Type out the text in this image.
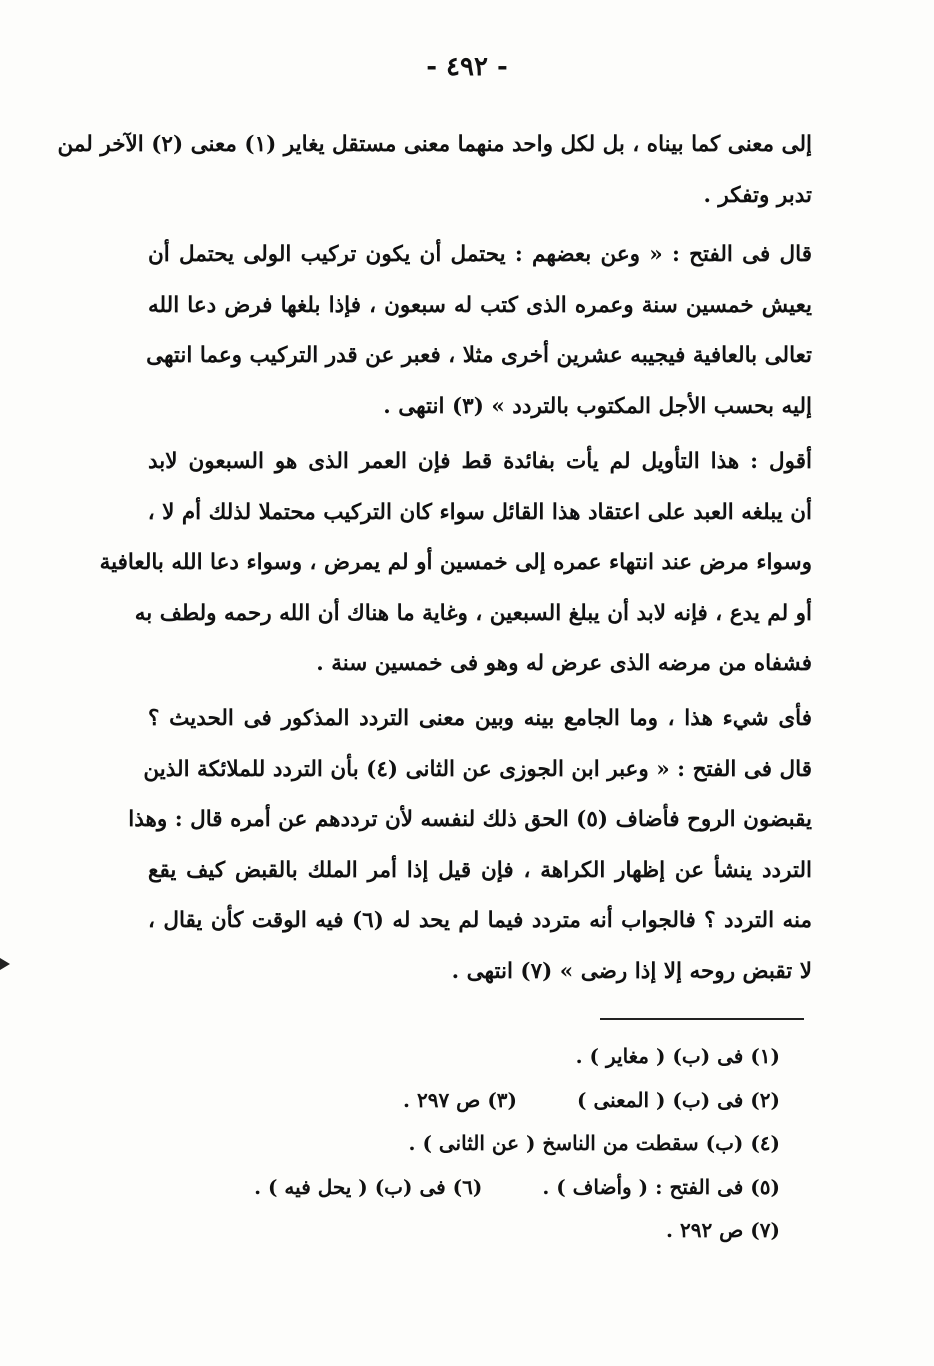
- ٤٩٢ -
إلى معنى كما بيناه ، بل لكل واحد منهما معنى مستقل يغاير (١) معنى (٢) الآخر لمن
تدبر وتفكر .
قال فى الفتح : « وعن بعضهم : يحتمل أن يكون تركيب الولى يحتمل أن
يعيش خمسين سنة وعمره الذى كتب له سبعون ، فإذا بلغها فرض دعا الله
تعالى بالعافية فيجيبه عشرين أخرى مثلا ، فعبر عن قدر التركيب وعما انتهى
إليه بحسب الأجل المكتوب بالتردد » (٣) انتهى .
أقول : هذا التأويل لم يأت بفائدة قط فإن العمر الذى هو السبعون لابد
أن يبلغه العبد على اعتقاد هذا القائل سواء كان التركيب محتملا لذلك أم لا ،
وسواء مرض عند انتهاء عمره إلى خمسين أو لم يمرض ، وسواء دعا الله بالعافية
أو لم يدع ، فإنه لابد أن يبلغ السبعين ، وغاية ما هناك أن الله رحمه ولطف به
فشفاه من مرضه الذى عرض له وهو فى خمسين سنة .
فأى شيء هذا ، وما الجامع بينه وبين معنى التردد المذكور فى الحديث ؟
قال فى الفتح : « وعبر ابن الجوزى عن الثانى (٤) بأن التردد للملائكة الذين
يقبضون الروح فأضاف (٥) الحق ذلك لنفسه لأن ترددهم عن أمره قال : وهذا
التردد ينشأ عن إظهار الكراهة ، فإن قيل إذا أمر الملك بالقبض كيف يقع
منه التردد ؟ فالجواب أنه متردد فيما لم يحد له (٦) فيه الوقت كأن يقال ،
لا تقبض روحه إلا إذا رضى » (٧) انتهى .
(١) فى (ب) ( مغاير ) .
(٢) فى (ب) ( المعنى )
(٣) ص ٢٩٧ .
(٤) (ب) سقطت من الناسخ ( عن الثانى ) .
(٥) فى الفتح : ( وأضاف ) .
(٦) فى (ب) ( يحل فيه ) .
(٧) ص ٢٩٢ .
